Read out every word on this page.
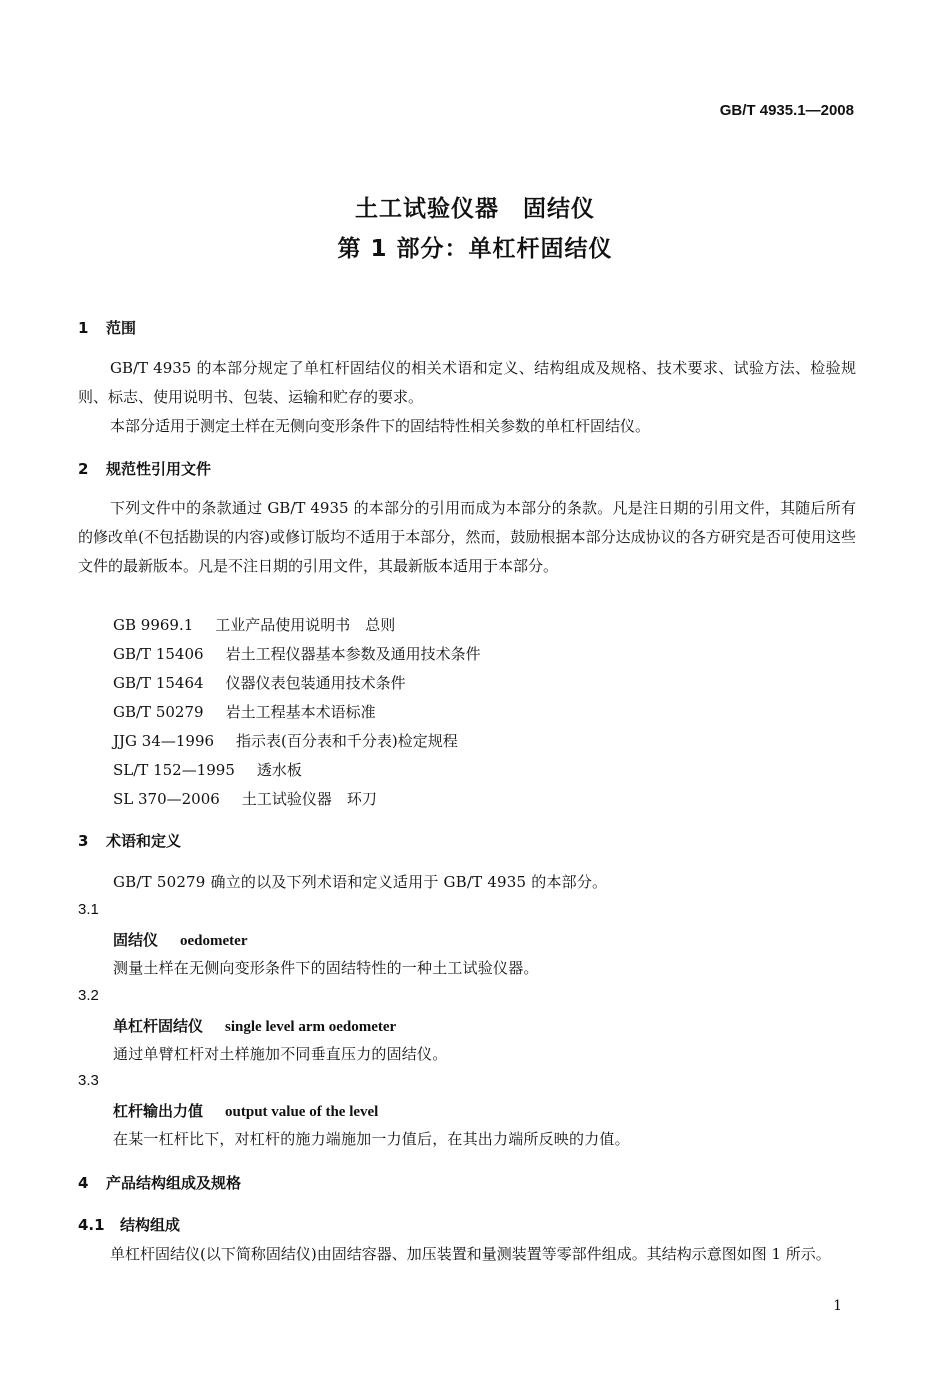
GB/T 4935.1—2008
土工试验仪器　固结仪
第 1 部分：单杠杆固结仪
1 范围
GB/T 4935 的本部分规定了单杠杆固结仪的相关术语和定义、结构组成及规格、技术要求、试验方法、检验规则、标志、使用说明书、包装、运输和贮存的要求。
本部分适用于测定土样在无侧向变形条件下的固结特性相关参数的单杠杆固结仪。
2 规范性引用文件
下列文件中的条款通过 GB/T 4935 的本部分的引用而成为本部分的条款。凡是注日期的引用文件，其随后所有的修改单(不包括勘误的内容)或修订版均不适用于本部分，然而，鼓励根据本部分达成协议的各方研究是否可使用这些文件的最新版本。凡是不注日期的引用文件，其最新版本适用于本部分。
GB 9969.1 工业产品使用说明书　总则
GB/T 15406 岩土工程仪器基本参数及通用技术条件
GB/T 15464 仪器仪表包装通用技术条件
GB/T 50279 岩土工程基本术语标准
JJG 34—1996 指示表(百分表和千分表)检定规程
SL/T 152—1995 透水板
SL 370—2006 土工试验仪器　环刀
3 术语和定义
GB/T 50279 确立的以及下列术语和定义适用于 GB/T 4935 的本部分。
3.1
固结仪 oedometer
测量土样在无侧向变形条件下的固结特性的一种土工试验仪器。
3.2
单杠杆固结仪 single level arm oedometer
通过单臂杠杆对土样施加不同垂直压力的固结仪。
3.3
杠杆输出力值 output value of the level
在某一杠杆比下，对杠杆的施力端施加一力值后，在其出力端所反映的力值。
4 产品结构组成及规格
4.1 结构组成
单杠杆固结仪(以下简称固结仪)由固结容器、加压装置和量测装置等零部件组成。其结构示意图如图 1 所示。
1
